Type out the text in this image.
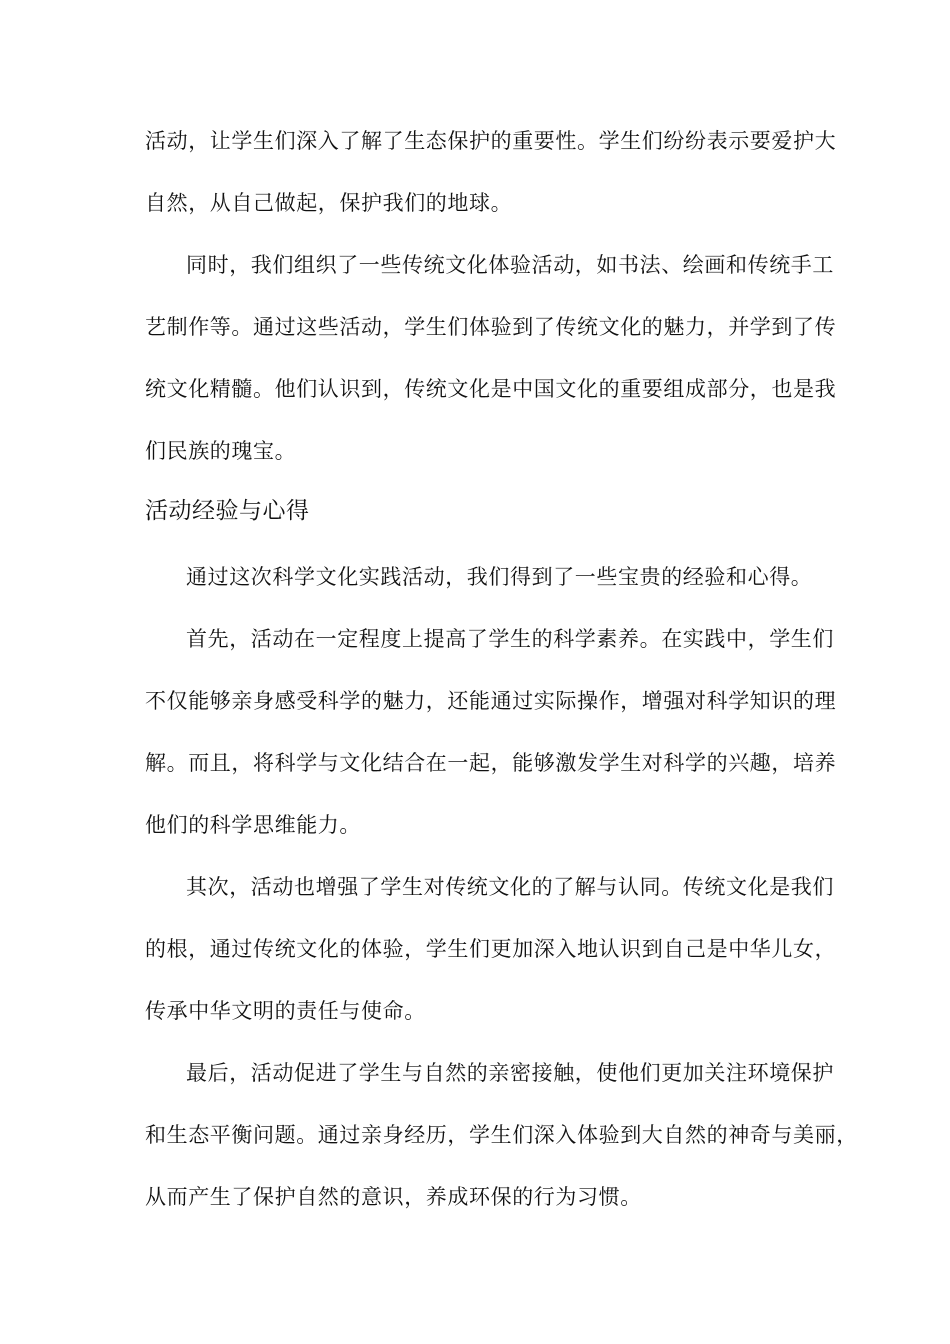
活动，让学生们深入了解了生态保护的重要性。学生们纷纷表示要爱护大
自然，从自己做起，保护我们的地球。
同时，我们组织了一些传统文化体验活动，如书法、绘画和传统手工
艺制作等。通过这些活动，学生们体验到了传统文化的魅力，并学到了传
统文化精髓。他们认识到，传统文化是中国文化的重要组成部分，也是我
们民族的瑰宝。
活动经验与心得
通过这次科学文化实践活动，我们得到了一些宝贵的经验和心得。
首先，活动在一定程度上提高了学生的科学素养。在实践中，学生们
不仅能够亲身感受科学的魅力，还能通过实际操作，增强对科学知识的理
解。而且，将科学与文化结合在一起，能够激发学生对科学的兴趣，培养
他们的科学思维能力。
其次，活动也增强了学生对传统文化的了解与认同。传统文化是我们
的根，通过传统文化的体验，学生们更加深入地认识到自己是中华儿女，
传承中华文明的责任与使命。
最后，活动促进了学生与自然的亲密接触，使他们更加关注环境保护
和生态平衡问题。通过亲身经历，学生们深入体验到大自然的神奇与美丽，
从而产生了保护自然的意识，养成环保的行为习惯。
